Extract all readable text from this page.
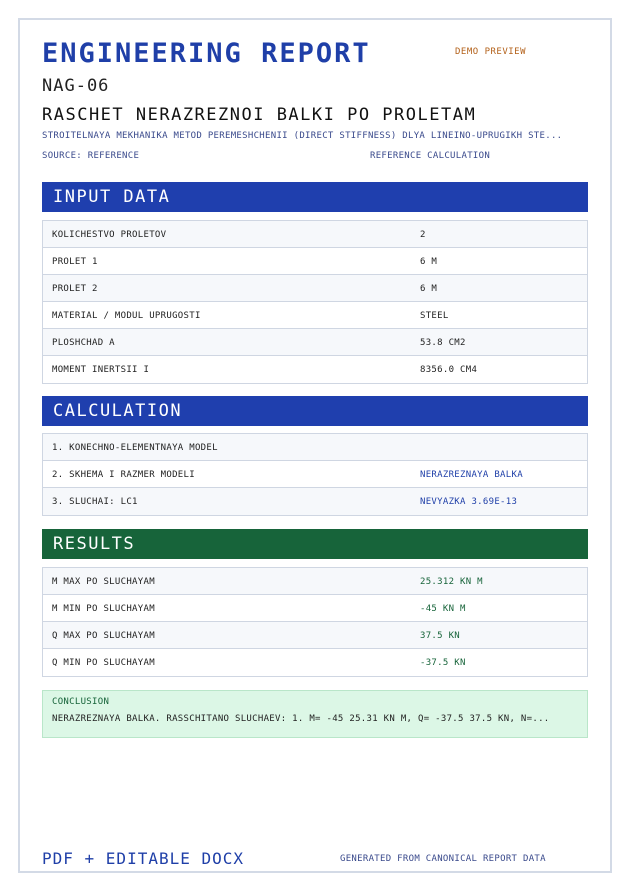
ENGINEERING REPORT	DEMO PREVIEW
NAG-06
RASCHET NERAZREZNOI BALKI PO PROLETAM
STROITELNAYA MEKHANIKA METOD PEREMESHCHENII (DIRECT STIFFNESS) DLYA LINEINO-UPRUGIKH STE...
SOURCE: REFERENCE	REFERENCE CALCULATION
INPUT DATA
KOLICHESTVO PROLETOV	2
PROLET 1	6 M
PROLET 2	6 M
MATERIAL / MODUL UPRUGOSTI	STEEL
PLOSHCHAD A	53.8 CM2
MOMENT INERTSII I	8356.0 CM4
CALCULATION
1. KONECHNO-ELEMENTNAYA MODEL
2. SKHEMA I RAZMER MODELI	NERAZREZNAYA BALKA
3. SLUCHAI: LC1	NEVYAZKA 3.69E-13
RESULTS
M MAX PO SLUCHAYAM	25.312 KN M
M MIN PO SLUCHAYAM	-45 KN M
Q MAX PO SLUCHAYAM	37.5 KN
Q MIN PO SLUCHAYAM	-37.5 KN
CONCLUSION
NERAZREZNAYA BALKA. RASSCHITANO SLUCHAEV: 1. M= -45 25.31 KN M, Q= -37.5 37.5 KN, N=...
PDF + EDITABLE DOCX	GENERATED FROM CANONICAL REPORT DATA
